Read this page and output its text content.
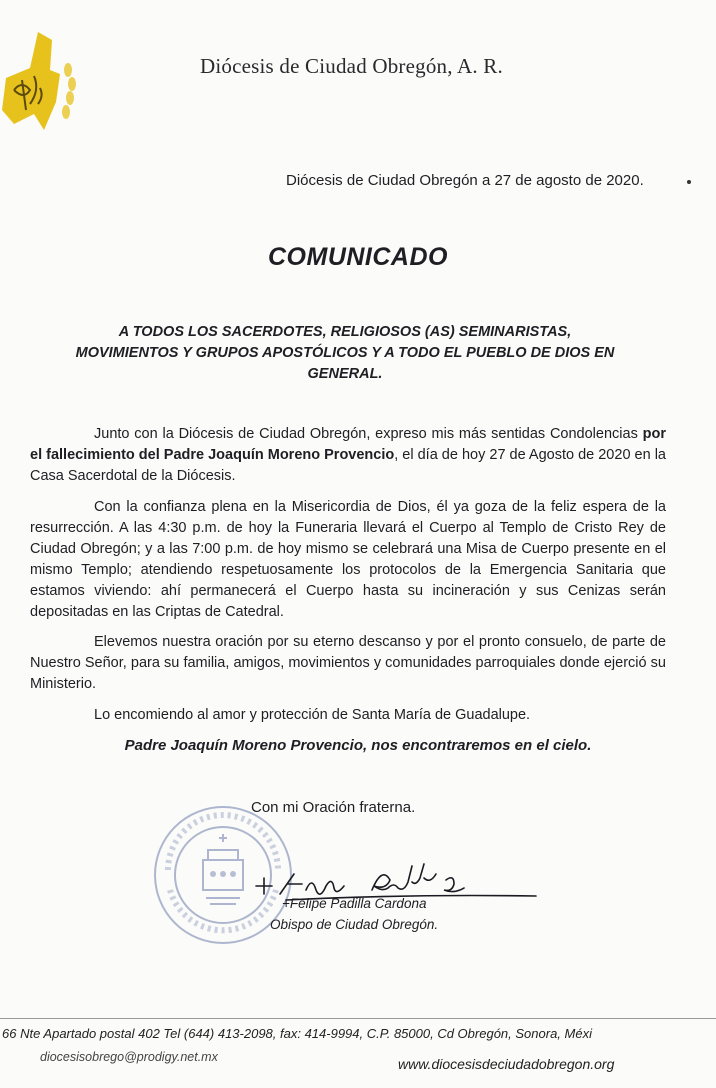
Diócesis de Ciudad Obregón, A. R.
Diócesis de Ciudad Obregón a 27 de agosto de 2020.
COMUNICADO
A TODOS LOS SACERDOTES, RELIGIOSOS (AS) SEMINARISTAS,
MOVIMIENTOS Y GRUPOS APOSTÓLICOS Y A TODO EL PUEBLO DE DIOS EN
GENERAL.

Junto con la Diócesis de Ciudad Obregón, expreso mis más sentidas Condolencias por el fallecimiento del Padre Joaquín Moreno Provencio, el día de hoy 27 de Agosto de 2020 en la Casa Sacerdotal de la Diócesis.

Con la confianza plena en la Misericordia de Dios, él ya goza de la feliz espera de la resurrección. A las 4:30 p.m. de hoy la Funeraria llevará el Cuerpo al Templo de Cristo Rey de Ciudad Obregón; y a las 7:00 p.m. de hoy mismo se celebrará una Misa de Cuerpo presente en el mismo Templo; atendiendo respetuosamente los protocolos de la Emergencia Sanitaria que estamos viviendo: ahí permanecerá el Cuerpo hasta su incineración y sus Cenizas serán depositadas en las Criptas de Catedral.

Elevemos nuestra oración por su eterno descanso y por el pronto consuelo, de parte de Nuestro Señor, para su familia, amigos, movimientos y comunidades parroquiales donde ejerció su Ministerio.

Lo encomiendo al amor y protección de Santa María de Guadalupe.

Padre Joaquín Moreno Provencio, nos encontraremos en el cielo.
Con mi Oración fraterna.
+Felipe Padilla Cardona
Obispo de Ciudad Obregón.
66 Nte Apartado postal 402 Tel (644) 413-2098, fax: 414-9994, C.P. 85000, Cd Obregón, Sonora, Méxi
diocesisobrego@prodigy.net.mx	www.diocesisdeciudadobregon.org
